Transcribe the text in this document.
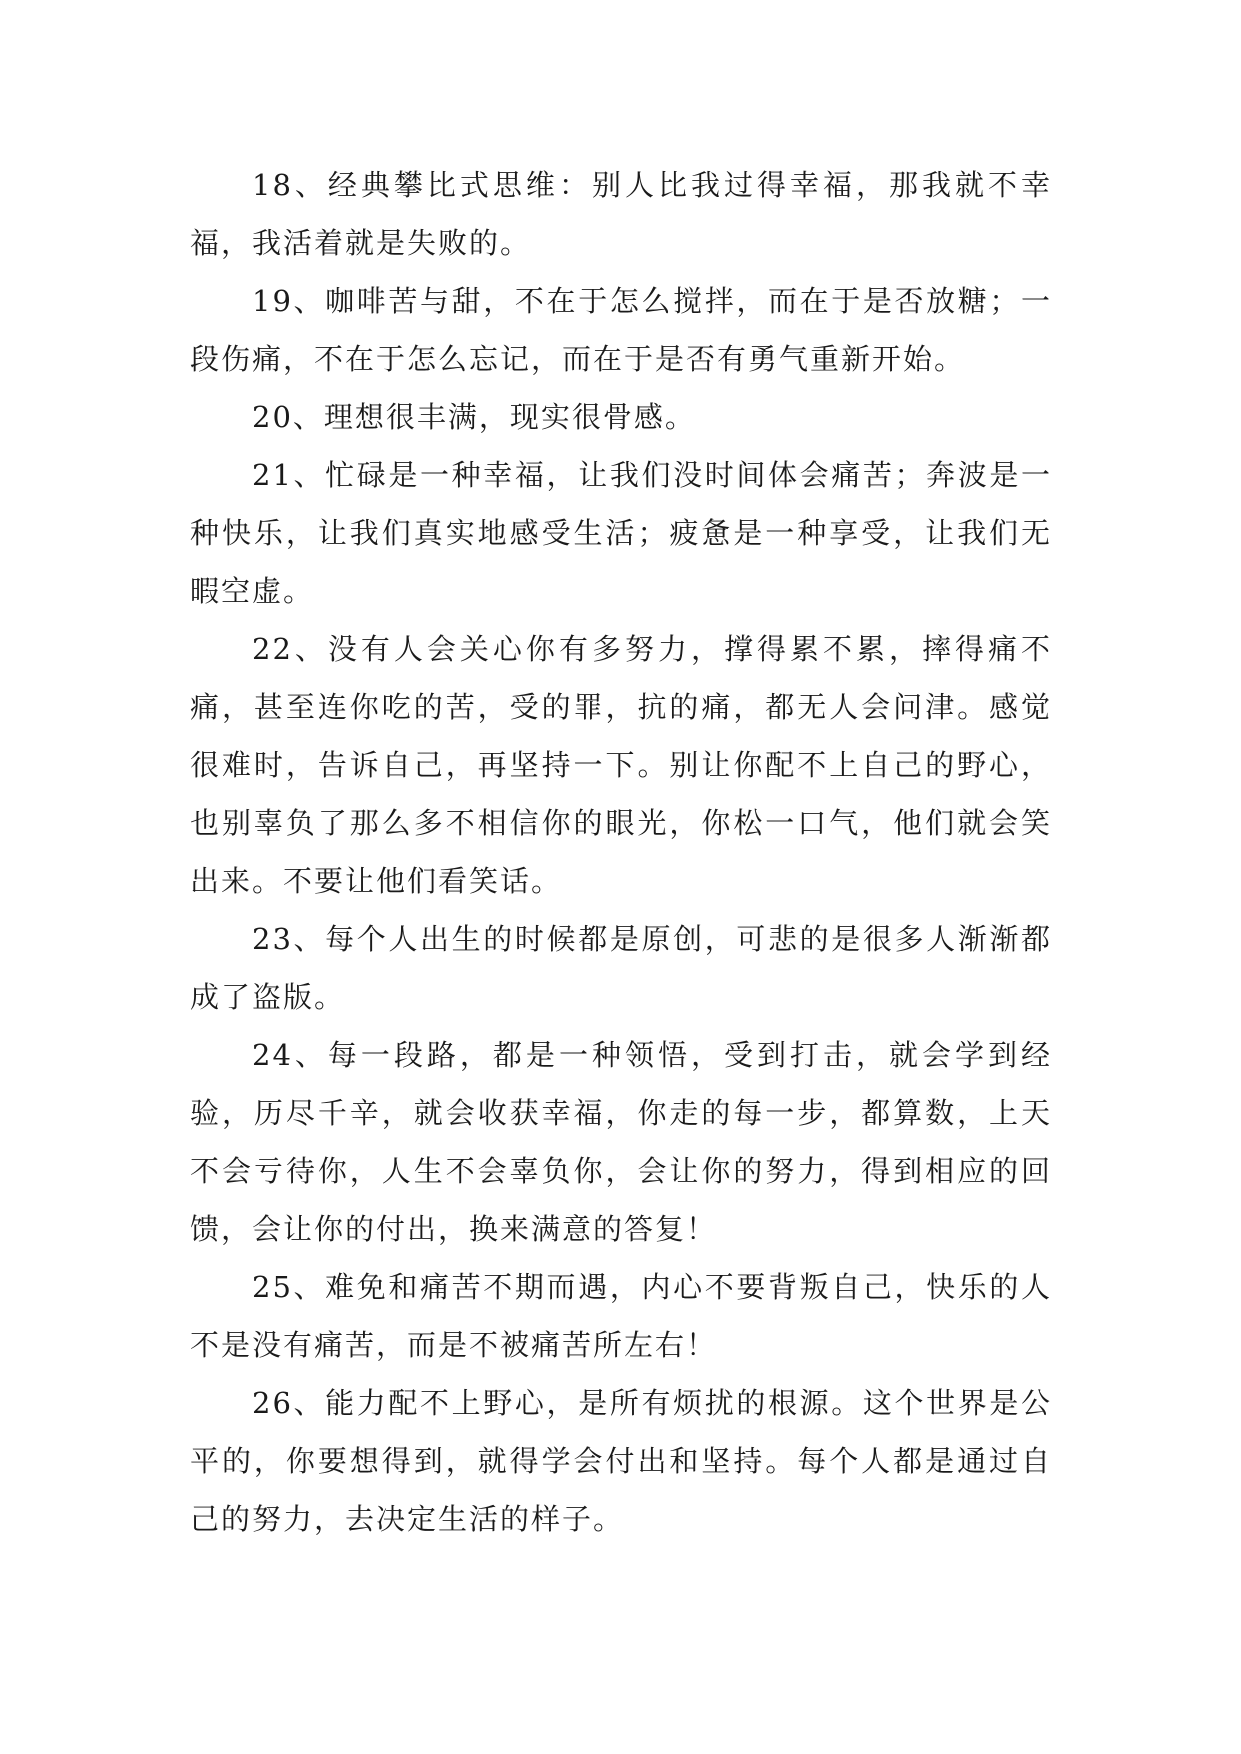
18、经典攀比式思维：别人比我过得幸福，那我就不幸福，我活着就是失败的。

19、咖啡苦与甜，不在于怎么搅拌，而在于是否放糖；一段伤痛，不在于怎么忘记，而在于是否有勇气重新开始。

20、理想很丰满，现实很骨感。

21、忙碌是一种幸福，让我们没时间体会痛苦；奔波是一种快乐，让我们真实地感受生活；疲惫是一种享受，让我们无暇空虚。

22、没有人会关心你有多努力，撑得累不累，摔得痛不痛，甚至连你吃的苦，受的罪，抗的痛，都无人会问津。感觉很难时，告诉自己，再坚持一下。别让你配不上自己的野心，也别辜负了那么多不相信你的眼光，你松一口气，他们就会笑出来。不要让他们看笑话。

23、每个人出生的时候都是原创，可悲的是很多人渐渐都成了盗版。

24、每一段路，都是一种领悟，受到打击，就会学到经验，历尽千辛，就会收获幸福，你走的每一步，都算数，上天不会亏待你，人生不会辜负你，会让你的努力，得到相应的回馈，会让你的付出，换来满意的答复！

25、难免和痛苦不期而遇，内心不要背叛自己，快乐的人不是没有痛苦，而是不被痛苦所左右！

26、能力配不上野心，是所有烦扰的根源。这个世界是公平的，你要想得到，就得学会付出和坚持。每个人都是通过自己的努力，去决定生活的样子。
